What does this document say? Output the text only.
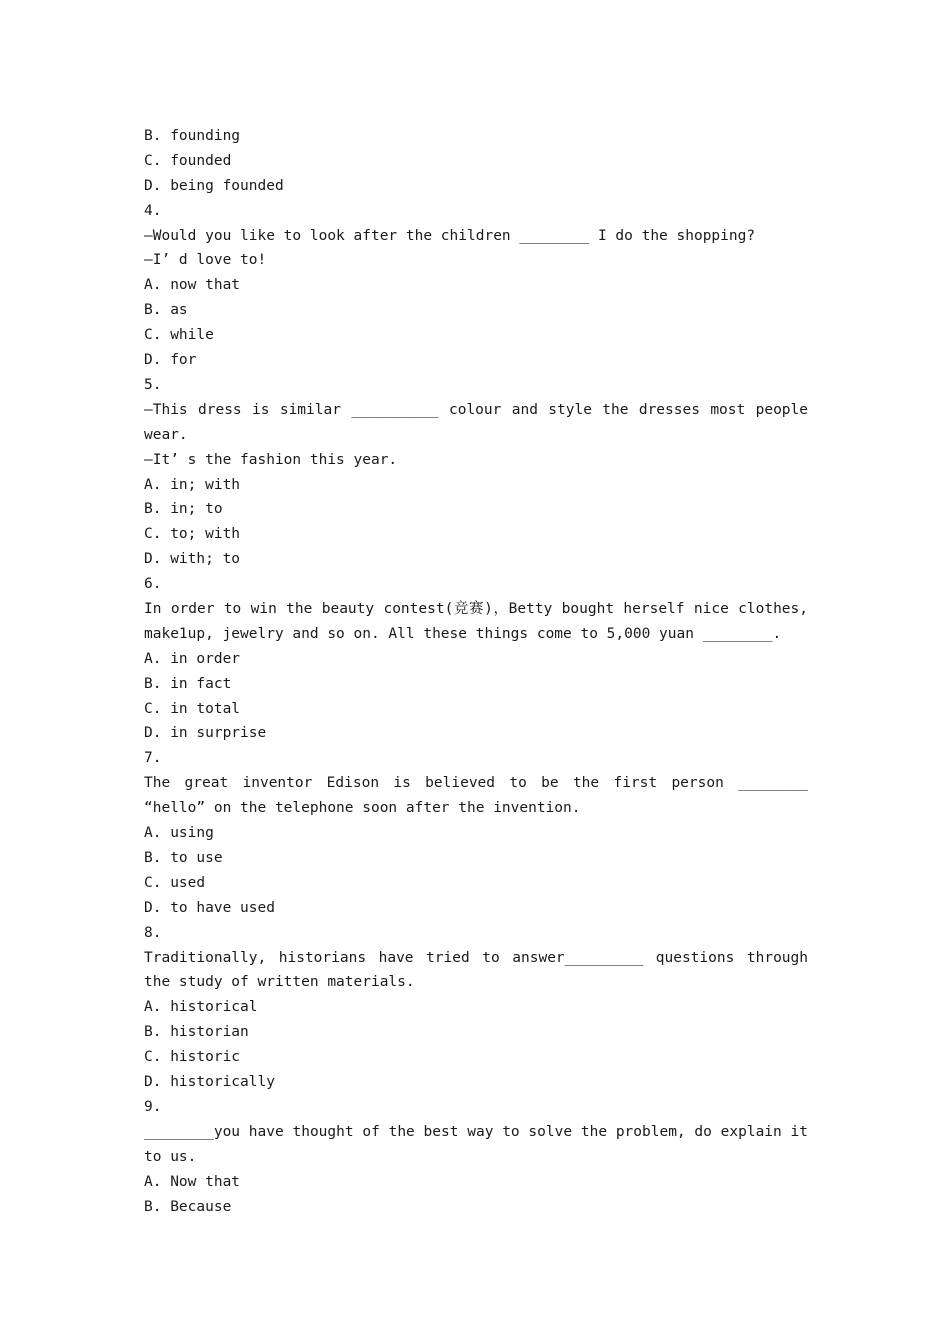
B. founding
C. founded
D. being founded
4.
—Would you like to look after the children ________ I do the shopping?
—I’ d love to!
A. now that
B. as
C. while
D. for
5.
—This dress is similar __________ colour and style the dresses most people wear.
—It’ s the fashion this year.
A. in; with
B. in; to
C. to; with
D. with; to
6.
In order to win the beauty contest(竞赛)，Betty bought herself nice clothes, make1up, jewelry and so on. All these things come to 5,000 yuan ________.
A. in order
B. in fact
C. in total
D. in surprise
7.
The great inventor Edison is believed to be the first person ________ “hello” on the telephone soon after the invention.
A. using
B. to use
C. used
D. to have used
8.
Traditionally, historians have tried to answer_________ questions through the study of written materials.
A. historical
B. historian
C. historic
D. historically
9.
________you have thought of the best way to solve the problem, do explain it to us.
A. Now that
B. Because
